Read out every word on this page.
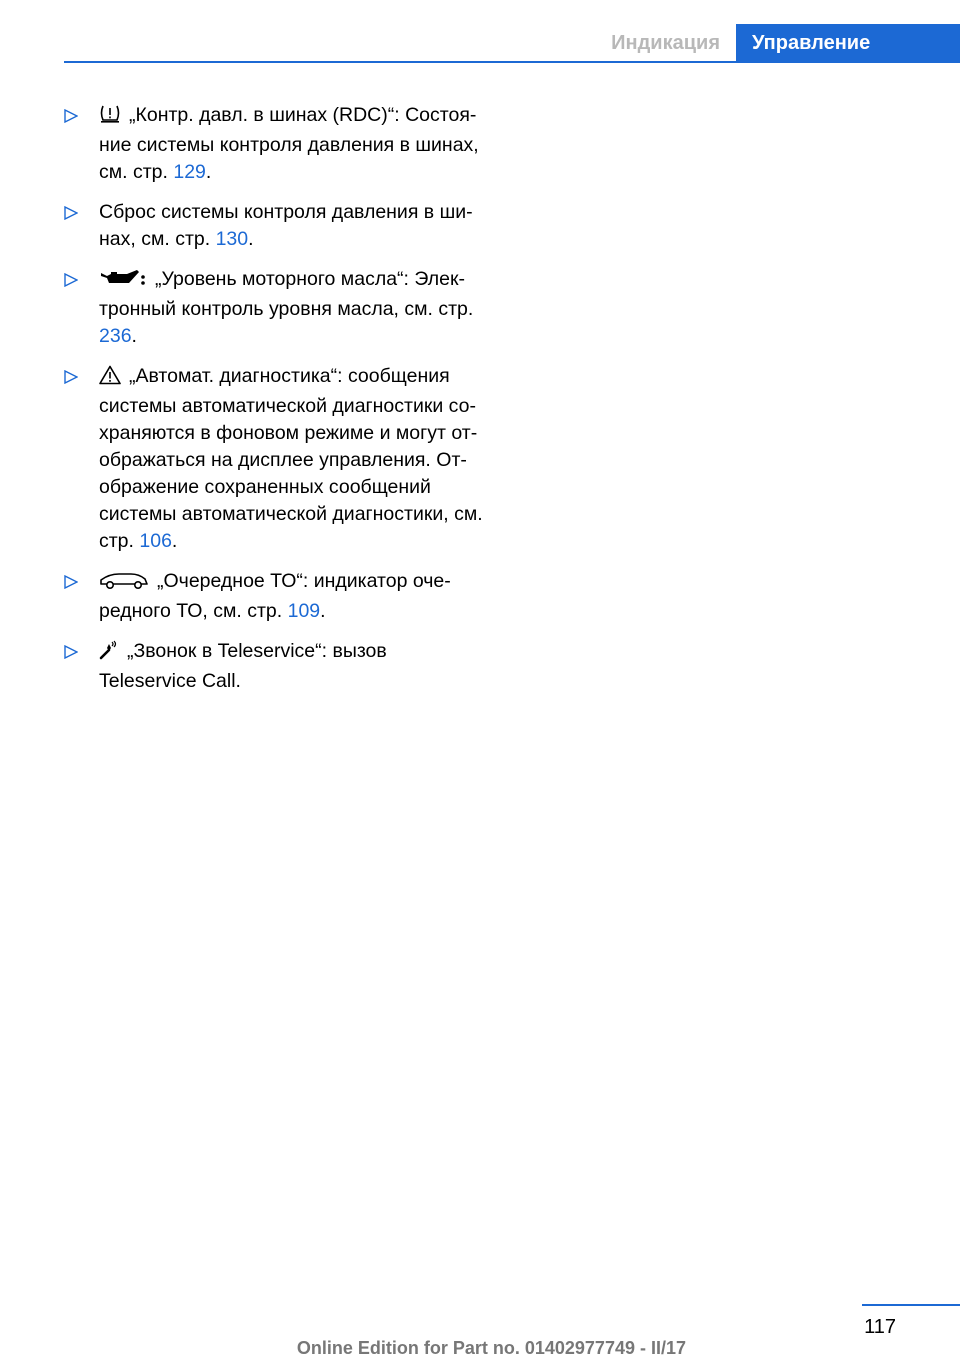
Индикация	Управление
„Контр. давл. в шинах (RDC)“: Состоя-ние системы контроля давления в шинах, см. стр. 129.
Сброс системы контроля давления в ши-нах, см. стр. 130.
„Уровень моторного масла“: Элек-тронный контроль уровня масла, см. стр. 236.
„Автомат. диагностика“: сообщения системы автоматической диагностики со-храняются в фоновом режиме и могут от-ображаться на дисплее управления. От-ображение сохраненных сообщений системы автоматической диагностики, см. стр. 106.
„Очередное ТО“: индикатор оче-редного ТО, см. стр. 109.
„Звонок в Teleservice“: вызов Teleservice Call.
117
Online Edition for Part no. 01402977749 - II/17
